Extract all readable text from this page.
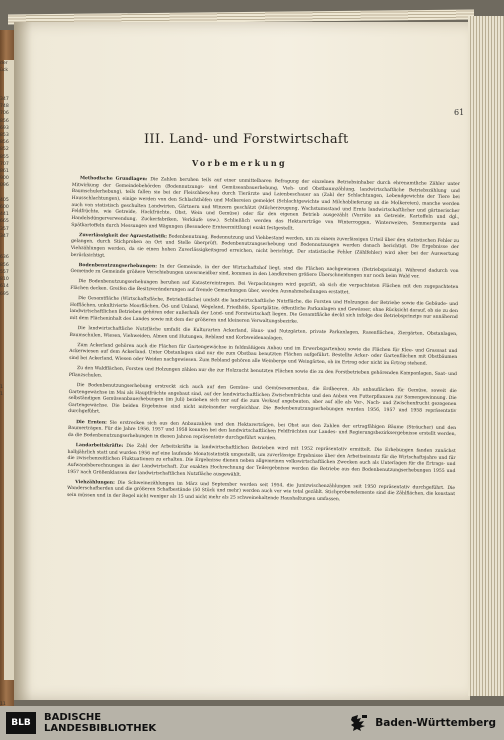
der
ück

347
748
706
856
693
853
856
852
855
707
861
900
096

405
600
441
665
357
347

636
856
557
810
614
695

1
1

11

61
III. Land- und Forstwirtschaft
Vorbemerkung

Methodische Grundlagen: Die Zahlen beruhen teils auf einer unmittelbaren Befragung der einzelnen Betriebsinhaber durch ehrenamtliche Zähler unter Mitwirkung der Gemeindebehörden (Bodennutzungs- und Gemüseanbauerhebung, Vieh- und Obstbaumzählung, landwirtschaftliche Betriebszählung und Baumschulerhebung), teils fallen sie bei der Fleischbeschau durch Tierärzte und Laienbeschauer an (Zahl der Schlachtungen, Lebendgewichte der Tiere bei Hausschlachtungen), einige werden von den Schlachthöfen und Molkereien gemeldet (Schlachtgewichte und Milchablieferung an die Molkereien), manche werden auch von statistisch geschulten Landwirten, Gärtnern und Winzern geschätzt (Milcherzeugung, Wachstumsstand und Ernte landwirtschaftlicher und gärtnerischer Feldfrüchte, wie Getreide, Hackfrüchte, Obst, Wein und Gemüse) oder für den eigenen Betrieb ausgezählt (Vorräte an Getreide, Kartoffeln und dgl., Handelsdüngerverwendung, Zuckerfabriken, Verkäufe usw.). Schließlich werden das Hektarerträge von Winterroggen, Winterweizen, Sommergerste und Spätkartoffeln durch Messungen und Wägungen (Besondere Ernteermittlung) exakt festgestellt.

Zuverlässigkeit der Agrarstatistik: Bodenbenutzung, Bodennutzung und Viehbestand werden, um zu einem zuverlässigen Urteil über den statistischen Fehler zu gelangen, durch Stichproben an Ort und Stelle überprüft. Bodenbenutzungserhebung und Bodennutzungen werden danach berichtigt. Die Ergebnisse der Viehzählungen werden, da sie einen hohen Zuverlässigkeitsgrad erreichen, nicht berichtigt. Der statistische Fehler (Zählfehler) wird aber bei der Auswertung berücksichtigt.

Bodenbenutzungserhebungen: In der Gemeinde, in der der Wirtschaftshof liegt, sind die Flächen nachgewiesen (Betriebsprinzip). Während dadurch von Gemeinde zu Gemeinde größere Verschiebungen unvermeidbar sind, kommen in den Landkreisen größere Überschneidungen nur noch beim Wald vor.

Die Bodenbenutzungserhebungen beruhen auf Katastereintragen. Bei Verpachtungen wird gepräft, ob sich die verpachteten Flächen mit den zugepachteten Flächen decken. Greifen die Besitzveränderungen auf fremde Gemarkungen über, werden Ausnahmeheilungen erstattet.

Die Gesamtfläche (Wirtschaftsfläche, Betriebsfläche) umfaßt die landwirtschaftliche Nutzfläche, die Forsten und Holzungen der Betriebe sowie die Gebäude- und Hofflächen, unkultivierte Moorflächen, Öd- und Unland, Wegeland, Friedhöfe, Sportplätze, öffentliche Parkanlagen und Gewässer, ohne Rücksicht darauf, ob sie zu den landwirtschaftlichen Betrieben gehören oder außerhalb der Land- und Forstwirtschaft liegen. Die Gesamtfläche deckt sich infolge des Betriebsprinzips nur annähernd mit dem Flächeninhalt des Landes sowie mit dem der größeren und kleineren Verwaltungsbezirke.

Die landwirtschaftliche Nutzfläche umfaßt die Kulturarten Ackerland, Haus- und Nutzgärten, private Parkanlagen, Rasenflächen, Ziergärten, Obstanlagen, Baumschulen, Wiesen, Viehweiden, Almen und Hutungen, Rebland und Korbweidenanlagen.

Zum Ackerland gehören auch die Flächen für Gartengewächse in feldmäßigem Anbau und im Erwerbsgartenbau sowie die Flächen für Klee- und Grassaat und Ackerwiesen auf dem Ackerland. Unter Obstanlagen sind nur die zum Obstbau benutzten Flächen aufgeführt. Bestellte Acker- oder Gartenflächen mit Obstbäumen sind bei Ackerland, Wiesen oder Weiden nachgewiesen. Zum Rebland gehören alle Weinberge und Weingärten, ob im Ertrag oder nicht im Ertrag stehend.

Zu den Waldflächen, Forsten und Holzungen zählen nur die zur Holzzucht benutzten Flächen sowie die zu den Forstbetrieben gehörenden Kampanlagen, Saat- und Pflanzschulen.

Die Bodenbenutzungserhebung erstreckt sich auch auf den Gemüse- und Gemüsesamenbau, die Erdbeeren. Als anbauflächen für Gemüse, soweit die Gartengewächse im Mai als Hauptfrüchte angebaut sind, auf der landwirtschaftlichen Zwischenfrüchte und den Anbau von Futterpflanzen zur Samengewinnung. Die selbständigen Gemüseanbauerhebungen (im Juli) beziehen sich nur auf die zum Verkauf angebauten, aber auf alle als Vor-, Nach- und Zwischenfrucht gezogenen Gartengewächse. Die beiden Ergebnisse sind nicht miteinander vergleichbar. Die Bodenbenutzungserhebungen wurden 1956, 1957 und 1958 repräsentativ durchgeführt.

Die Ernten: Sie erstrecken sich aus den Anbauzahlen und den Hektarerträgen, bei Obst aus den Zahlen der ertragfähigen Bäume (Sträucher) und den Baumerträgen. Für die Jahre 1956, 1957 und 1958 konnten bei den landwirtschaftlichen Feldfrüchten nur Landes- und Regierungsbezirksergebnisse erstellt werden, da die Bodenbenutzungserhebungen in diesen Jahren repräsentativ durchgeführt wurden.

Landarbeitskräfte: Die Zahl der Arbeitskräfte in landwirtschaftlichen Betrieben wird mit 1952 repräsentativ ermittelt. Die Erhebungen fanden zunächst halbjährlich statt und wurden 1956 auf eine laufende Monatsstatistik umgestellt, um zuverlässige Ergebnisse über den Arbeitseinsatz für die Wirtschaftsjahre und für die zwischenzeitlichen Fluktuationen zu erhalten. Die Ergebnisse dienen neben allgemeinen volkswirtschaftlichen Zwecken auch als Unterlagen für die Ertrags- und Aufwandsberechnungen in der Landwirtschaft. Zur exakten Hochrechnung der Teilergebnisse werden die Betriebe aus den Bodenbenutzungserhebungen 1955 und 1957 nach Größenklassen der landwirtschaftlichen Nutzfläche ausgewählt.

Viehzählungen: Die Schweinezählungen im März und September werden seit 1954, die Junizwischenzählungen seit 1950 repräsentativ durchgeführt. Die Wanderschafherden und die größeren Schafbestände (50 Stück und mehr) werden auch vor wie total gezählt. Stichprobenelemente sind die Zählflächen, die konstant sein müssen und in der Regel nicht weniger als 15 und nicht mehr als 25 schweinehaltende Haushaltungen umfassen.

BLB	BADISCHE
LANDESBIBLIOTHEK	Baden-Württemberg
